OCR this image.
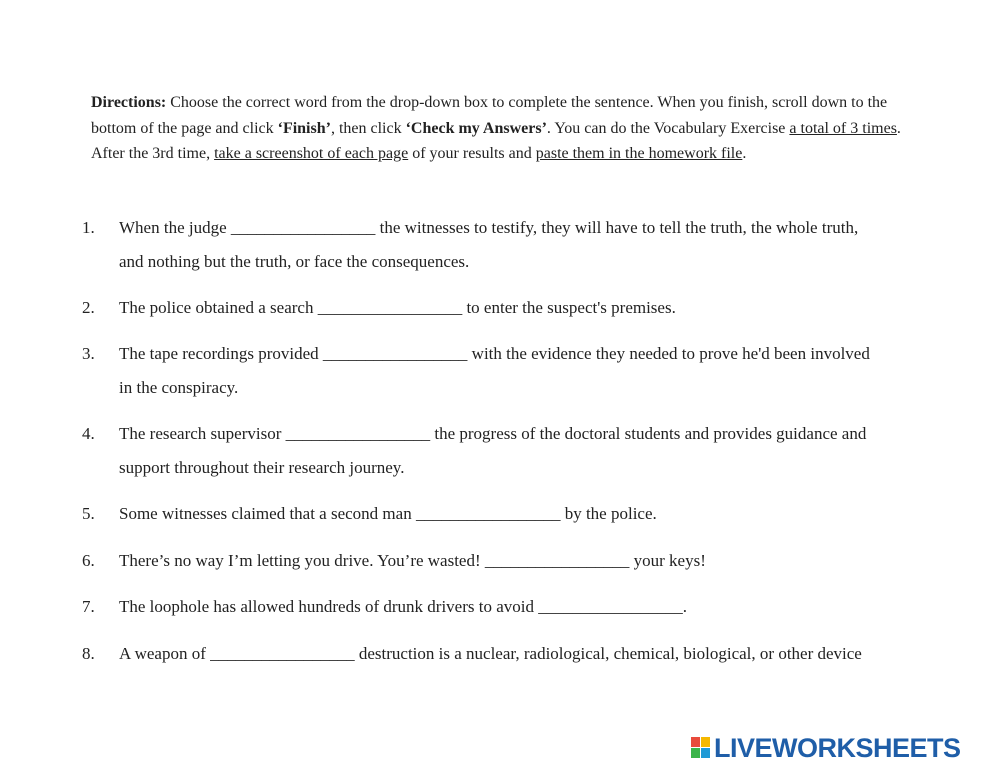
Directions: Choose the correct word from the drop-down box to complete the sentence. When you finish, scroll down to the bottom of the page and click ‘Finish’, then click ‘Check my Answers’. You can do the Vocabulary Exercise a total of 3 times. After the 3rd time, take a screenshot of each page of your results and paste them in the homework file.
1. When the judge _________________ the witnesses to testify, they will have to tell the truth, the whole truth,
and nothing but the truth, or face the consequences.
2. The police obtained a search _________________ to enter the suspect's premises.
3. The tape recordings provided _________________ with the evidence they needed to prove he'd been involved
in the conspiracy.
4. The research supervisor _________________ the progress of the doctoral students and provides guidance and
support throughout their research journey.
5. Some witnesses claimed that a second man _________________ by the police.
6. There’s no way I’m letting you drive. You’re wasted! _________________ your keys!
7. The loophole has allowed hundreds of drunk drivers to avoid _________________.
8. A weapon of _________________ destruction is a nuclear, radiological, chemical, biological, or other device
LIVEWORKSHEETS
